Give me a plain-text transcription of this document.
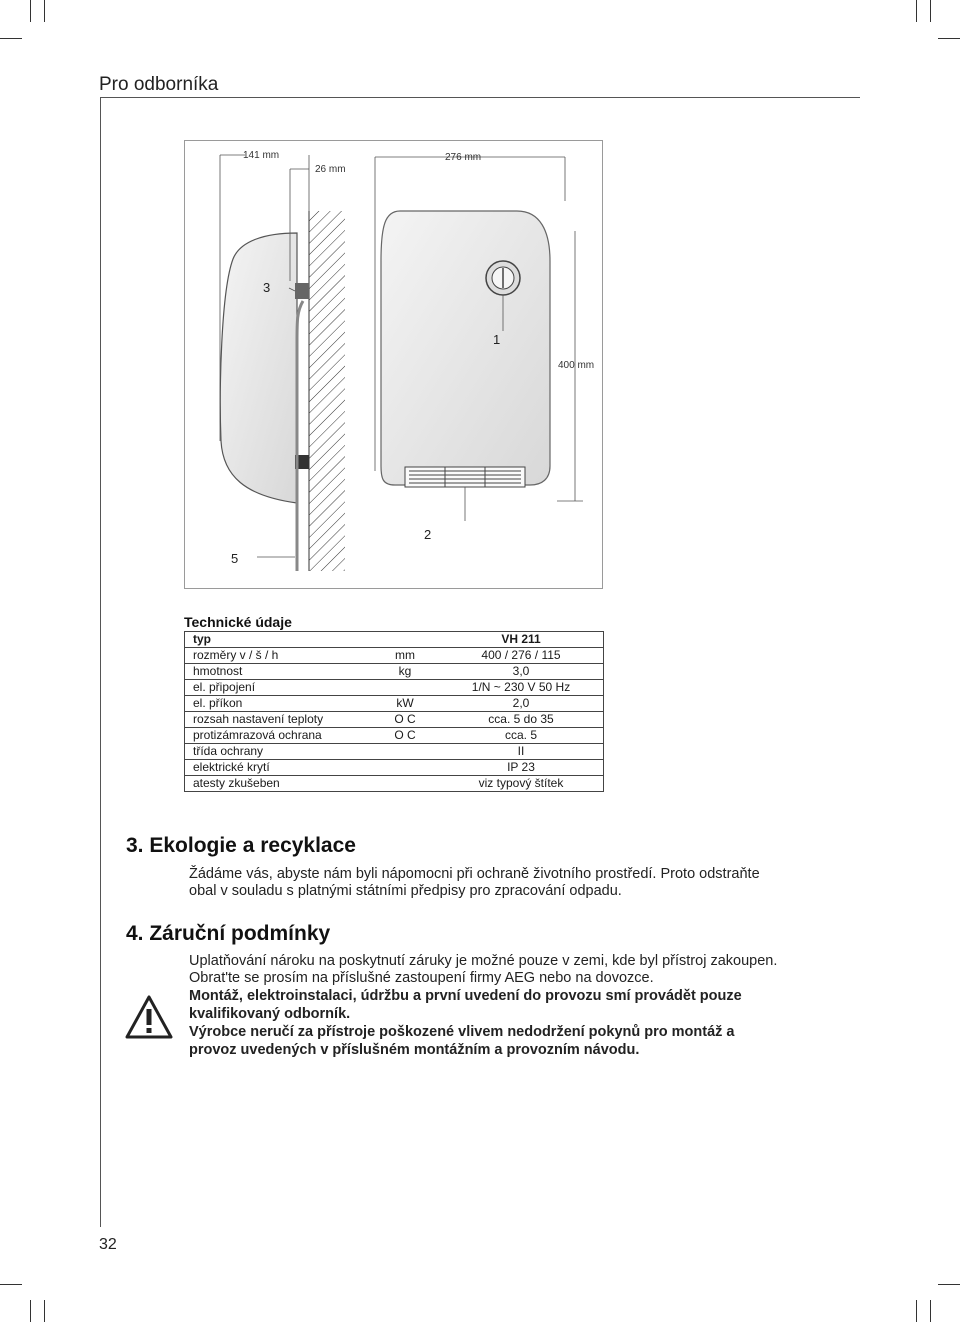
Pro odborníka
141 mm
26 mm
276 mm
400 mm
1
2
3
5
Technické údaje
typ		VH 211
rozměry v / š / h	mm	400 / 276 / 115
hmotnost	kg	3,0
el. připojení		1/N ~ 230 V 50 Hz
el. příkon	kW	2,0
rozsah nastavení teploty	O C	cca. 5 do 35
protizámrazová ochrana	O C	cca. 5
třída ochrany		II
elektrické krytí		IP 23
atesty zkušeben		viz typový štítek
3. Ekologie a recyklace
Žádáme vás, abyste nám byli nápomocni při ochraně životního prostředí. Proto odstraňte
obal v souladu s platnými státními předpisy pro zpracování odpadu.
4. Záruční podmínky
Uplatňování nároku na poskytnutí záruky je možné pouze v zemi, kde byl přístroj zakoupen.
Obrat'te se prosím na příslušné zastoupení firmy AEG nebo na dovozce.
Montáž, elektroinstalaci, údržbu a první uvedení do provozu smí provádět pouze
kvalifikovaný odborník.
Výrobce neručí za přístroje poškozené vlivem nedodržení pokynů pro montáž a
provoz uvedených v příslušném montážním a provozním návodu.
32
